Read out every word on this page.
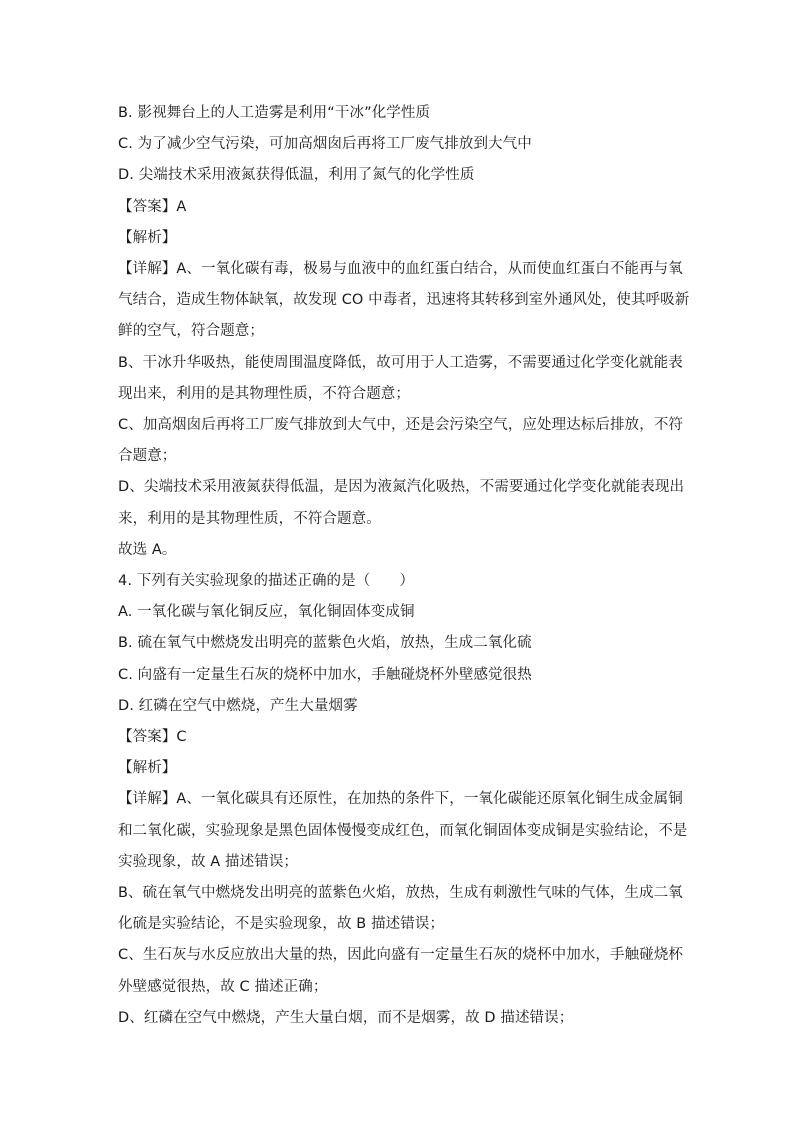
B. 影视舞台上的人工造雾是利用“干冰”化学性质
C. 为了减少空气污染，可加高烟囱后再将工厂废气排放到大气中
D. 尖端技术采用液氮获得低温，利用了氮气的化学性质
【答案】A
【解析】
【详解】A、一氧化碳有毒，极易与血液中的血红蛋白结合，从而使血红蛋白不能再与氧
气结合，造成生物体缺氧，故发现 CO 中毒者，迅速将其转移到室外通风处，使其呼吸新
鲜的空气，符合题意；
B、干冰升华吸热，能使周围温度降低，故可用于人工造雾，不需要通过化学变化就能表
现出来，利用的是其物理性质，不符合题意；
C、加高烟囱后再将工厂废气排放到大气中，还是会污染空气，应处理达标后排放，不符
合题意；
D、尖端技术采用液氮获得低温，是因为液氮汽化吸热，不需要通过化学变化就能表现出
来，利用的是其物理性质，不符合题意。
故选 A。
4. 下列有关实验现象的描述正确的是（　　）
A. 一氧化碳与氧化铜反应，氧化铜固体变成铜
B. 硫在氧气中燃烧发出明亮的蓝紫色火焰，放热，生成二氧化硫
C. 向盛有一定量生石灰的烧杯中加水，手触碰烧杯外壁感觉很热
D. 红磷在空气中燃烧，产生大量烟雾
【答案】C
【解析】
【详解】A、一氧化碳具有还原性，在加热的条件下，一氧化碳能还原氧化铜生成金属铜
和二氧化碳，实验现象是黑色固体慢慢变成红色，而氧化铜固体变成铜是实验结论，不是
实验现象，故 A 描述错误；
B、硫在氧气中燃烧发出明亮的蓝紫色火焰，放热，生成有刺激性气味的气体，生成二氧
化硫是实验结论，不是实验现象，故 B 描述错误；
C、生石灰与水反应放出大量的热，因此向盛有一定量生石灰的烧杯中加水，手触碰烧杯
外壁感觉很热，故 C 描述正确；
D、红磷在空气中燃烧，产生大量白烟，而不是烟雾，故 D 描述错误；
